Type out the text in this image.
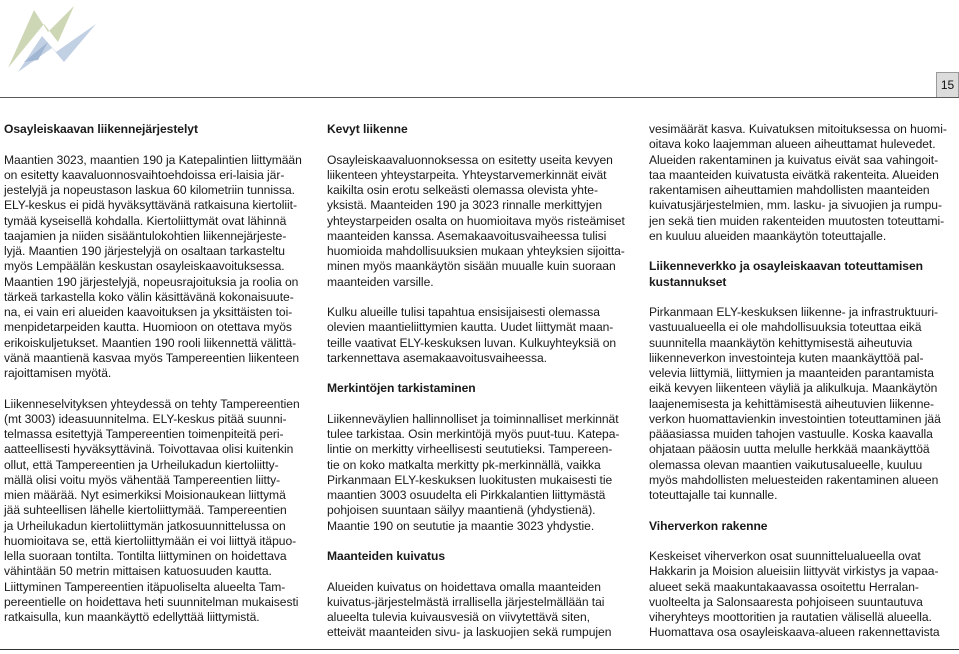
15
Osayleiskaavan liikennejärjestelyt

Maantien 3023, maantien 190 ja Katepalintien liittymään
on esitetty kaavaluonnosvaihtoehdoissa eri-laisia jär-
jestelyjä ja nopeustason laskua 60 kilometriin tunnissa.
ELY-keskus ei pidä hyväksyttävänä ratkaisuna kiertoliit-
tymää kyseisellä kohdalla. Kiertoliittymät ovat lähinnä
taajamien ja niiden sisääntulokohtien liikennejärjeste-
lyjä. Maantien 190 järjestelyjä on osaltaan tarkasteltu
myös Lempäälän keskustan osayleiskaavoituksessa.
Maantien 190 järjestelyjä, nopeusrajoituksia ja roolia on
tärkeä tarkastella koko välin käsittävänä kokonaisuute-
na, ei vain eri alueiden kaavoituksen ja yksittäisten toi-
menpidetarpeiden kautta. Huomioon on otettava myös
erikoiskuljetukset. Maantien 190 rooli liikennettä välittä-
vänä maantienä kasvaa myös Tampereentien liikenteen
rajoittamisen myötä.

Liikenneselvityksen yhteydessä on tehty Tampereentien
(mt 3003) ideasuunnitelma. ELY-keskus pitää suunni-
telmassa esitettyjä Tampereentien toimenpiteitä peri-
aatteellisesti hyväksyttävinä. Toivottavaa olisi kuitenkin
ollut, että Tampereentien ja Urheilukadun kiertoliitty-
mällä olisi voitu myös vähentää Tampereentien liitty-
mien määrää. Nyt esimerkiksi Moisionaukean liittymä
jää suhteellisen lähelle kiertoliittymää. Tampereentien
ja Urheilukadun kiertoliittymän jatkosuunnittelussa on
huomioitava se, että kiertoliittymään ei voi liittyä itäpuo-
lella suoraan tontilta. Tontilta liittyminen on hoidettava
vähintään 50 metrin mittaisen katuosuuden kautta.
Liittyminen Tampereentien itäpuoliselta alueelta Tam-
pereentielle on hoidettava heti suunnitelman mukaisesti
ratkaisulla, kun maankäyttö edellyttää liittymistä.

Kevyt liikenne

Osayleiskaavaluonnoksessa on esitetty useita kevyen
liikenteen yhteystarpeita. Yhteystarvemerkinnät eivät
kaikilta osin erotu selkeästi olemassa olevista yhte-
yksistä. Maanteiden 190 ja 3023 rinnalle merkittyjen
yhteystarpeiden osalta on huomioitava myös risteämiset
maanteiden kanssa. Asemakaavoitusvaiheessa tulisi
huomioida mahdollisuuksien mukaan yhteyksien sijoitta-
minen myös maankäytön sisään muualle kuin suoraan
maanteiden varsille.

Kulku alueille tulisi tapahtua ensisijaisesti olemassa
olevien maantieliittymien kautta. Uudet liittymät maan-
teille vaativat ELY-keskuksen luvan. Kulkuyhteyksiä on
tarkennettava asemakaavoitusvaiheessa.

Merkintöjen tarkistaminen

Liikenneväylien hallinnolliset ja toiminnalliset merkinnät
tulee tarkistaa. Osin merkintöjä myös puut-tuu. Katepa-
lintie on merkitty virheellisesti seututieksi. Tampereen-
tie on koko matkalta merkitty pk-merkinnällä, vaikka
Pirkanmaan ELY-keskuksen luokitusten mukaisesti tie
maantien 3003 osuudelta eli Pirkkalantien liittymästä
pohjoisen suuntaan säilyy maantienä (yhdystienä).
Maantie 190 on seututie ja maantie 3023 yhdystie.

Maanteiden kuivatus

Alueiden kuivatus on hoidettava omalla maanteiden
kuivatus-järjestelmästä irrallisella järjestelmällään tai
alueelta tulevia kuivausvesiä on viivytettävä siten,
etteivät maanteiden sivu- ja laskuojien sekä rumpujen

vesimäärät kasva. Kuivatuksen mitoituksessa on huomi-
oitava koko laajemman alueen aiheuttamat hulevedet.
Alueiden rakentaminen ja kuivatus eivät saa vahingoit-
taa maanteiden kuivatusta eivätkä rakenteita. Alueiden
rakentamisen aiheuttamien mahdollisten maanteiden
kuivatusjärjestelmien, mm. lasku- ja sivuojien ja rumpu-
jen sekä tien muiden rakenteiden muutosten toteuttami-
en kuuluu alueiden maankäytön toteuttajalle.

Liikenneverkko ja osayleiskaavan toteuttamisen kustannukset

Pirkanmaan ELY-keskuksen liikenne- ja infrastruktuuri-
vastuualueella ei ole mahdollisuuksia toteuttaa eikä
suunnitella maankäytön kehittymisestä aiheutuvia
liikenneverkon investointeja kuten maankäyttöä pal-
velevia liittymiä, liittymien ja maanteiden parantamista
eikä kevyen liikenteen väyliä ja alikulkuja. Maankäytön
laajenemisesta ja kehittämisestä aiheutuvien liikenne-
verkon huomattavienkin investointien toteuttaminen jää
pääasiassa muiden tahojen vastuulle. Koska kaavalla
ohjataan pääosin uutta melulle herkkää maankäyttöä
olemassa olevan maantien vaikutusalueelle, kuuluu
myös mahdollisten meluesteiden rakentaminen alueen
toteuttajalle tai kunnalle.

Viherverkon rakenne

Keskeiset viherverkon osat suunnittelualueella ovat
Hakkarin ja Moision alueisiin liittyvät virkistys ja vapaa-
alueet sekä maakuntakaavassa osoitettu Herralan-
vuolteelta ja Salonsaaresta pohjoiseen suuntautuva
viheryhteys moottoritien ja rautatien välisellä alueella.
Huomattava osa osayleiskaava-alueen rakennettavista
